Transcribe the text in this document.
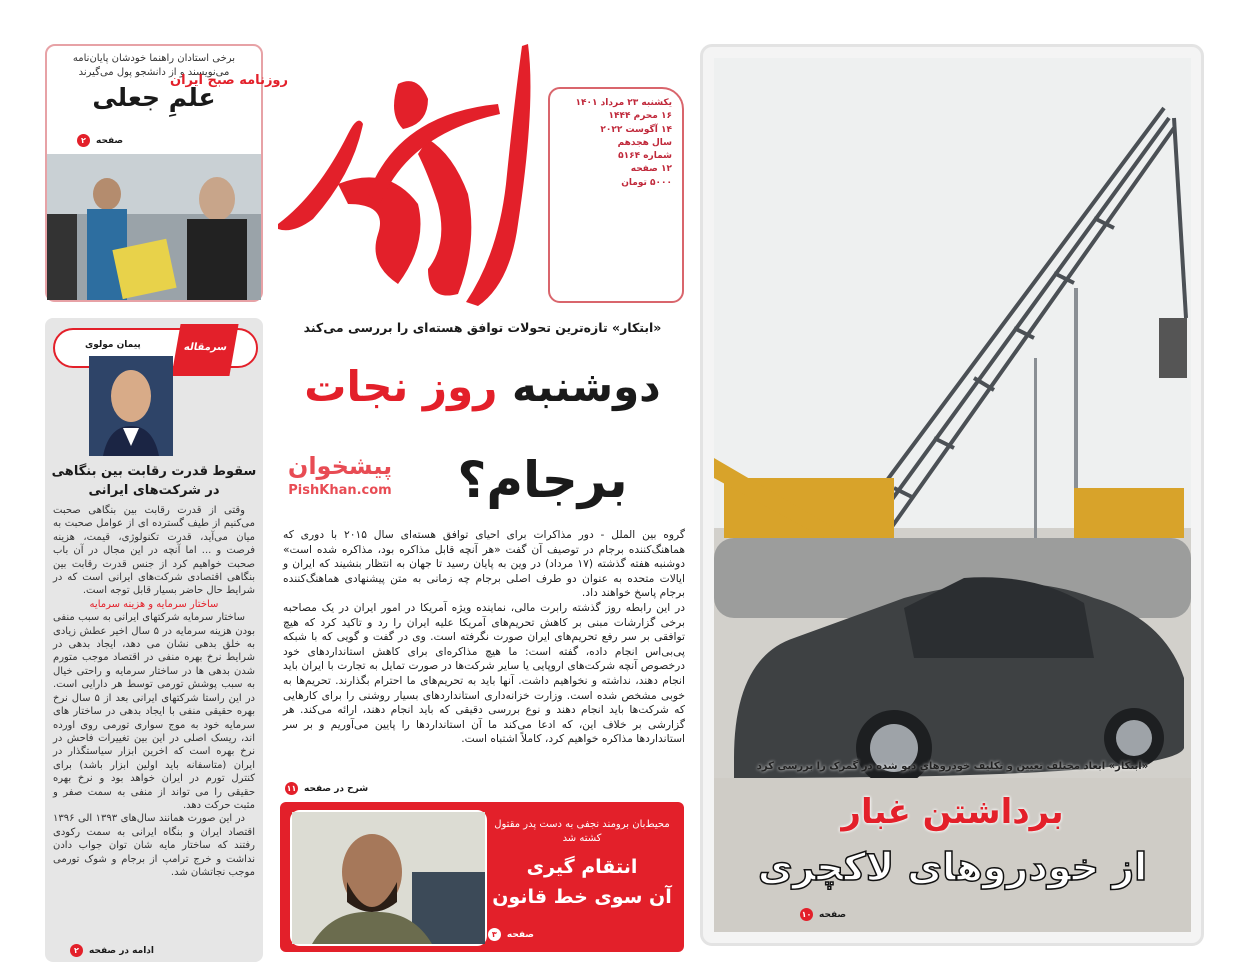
برخی استادان راهنما خودشان پایان‌نامه می‌نویسند و از دانشجو پول می‌گیرند
علمِ جعلی
صفحه
۲
پیمان مولوی	سرمقاله
سقوط قدرت رقابت بین بنگاهی در شرکت‌های ایرانی

وقتی از قدرت رقابت بین بنگاهی صحبت می‌کنیم از طیف گسترده ای از عوامل صحبت به میان می‌آید، قدرت تکنولوژی، قیمت، هزینه فرصت و ... اما آنچه در این مجال در آن باب صحبت خواهیم کرد از جنس قدرت رقابت بین بنگاهی اقتصادی شرکت‌های ایرانی است که در شرایط حال حاضر بسیار قابل توجه است.

ساختار سرمایه و هزینه سرمایه

ساختار سرمایه شرکتهای ایرانی به سبب منفی بودن هزینه سرمایه در ۵ سال اخیر عطش زیادی به خلق بدهی نشان می دهد، ایجاد بدهی در شرایط نرخ بهره منفی در اقتصاد موجب متورم شدن بدهی ها در ساختار سرمایه و راحتی خیال به سبب پوشش تورمی توسط هر دارایی است. در این راستا شرکتهای ایرانی بعد از ۵ سال نرخ بهره حقیقی منفی با ایجاد بدهی در ساختار های سرمایه خود به موج سواری تورمی روی اورده اند، ریسک اصلی در این بین تغییرات فاحش در نرخ بهره است که اخرین ابزار سیاستگذار در ایران (متاسفانه باید اولین ابزار باشد) برای کنترل تورم در ایران خواهد بود و نرخ بهره حقیقی را می تواند از منفی به سمت صفر و مثبت حرکت دهد.

در این صورت همانند سال‌های ۱۳۹۳ الی ۱۳۹۶ اقتصاد ایران و بنگاه ایرانی به سمت رکودی رفتند که ساختار مایه شان توان جواب دادن نداشت و خرج ترامپ از برجام و شوک تورمی موجب نجاتشان شد.

ادامه در صفحه
۲
روزنامه صبح ایران
یکشنبه ۲۳ مرداد ۱۴۰۱
۱۶ محرم ۱۴۴۴
۱۴ آگوست ۲۰۲۲
سال هجدهم
شماره ۵۱۶۴
۱۲ صفحه
۵۰۰۰ تومان
«ابتکار» تازه‌ترین تحولات توافق هسته‌ای را بررسی می‌کند
دوشنبه روز نجات
برجام؟
پیشخوان
PishKhan.com

گروه بین الملل - دور مذاکرات برای احیای توافق هسته‌ای سال ۲۰۱۵ با دوری که هماهنگ‌کننده برجام در توصیف آن گفت «هر آنچه قابل مذاکره بود، مذاکره شده است» دوشنبه هفته گذشته (۱۷ مرداد) در وین به پایان رسید تا جهان به انتظار بنشیند که ایران و ایالات متحده به عنوان دو طرف اصلی برجام چه زمانی به متن پیشنهادی هماهنگ‌کننده برجام پاسخ خواهند داد.

در این رابطه روز گذشته رابرت مالی، نماینده ویژه آمریکا در امور ایران در یک مصاحبه برخی گزارشات مبنی بر کاهش تحریم‌های آمریکا علیه ایران را رد و تاکید کرد که هیچ توافقی بر سر رفع تحریم‌های ایران صورت نگرفته است. وی در گفت و گویی که با شبکه پی‌بی‌اس انجام داده، گفته است: ما هیچ مذاکره‌ای برای کاهش استانداردهای خود درخصوص آنچه شرکت‌های اروپایی یا سایر شرکت‌ها در صورت تمایل به تجارت با ایران باید انجام دهند، نداشته و نخواهیم داشت. آنها باید به تحریم‌های ما احترام بگذارند. تحریم‌ها به خوبی مشخص شده است. وزارت خزانه‌داری استانداردهای بسیار روشنی را برای کارهایی که شرکت‌ها باید انجام دهند و نوع بررسی دقیقی که باید انجام دهند، ارائه می‌کند. هر گزارشی بر خلاف این، که ادعا می‌کند ما آن استانداردها را پایین می‌آوریم و بر سر استانداردها مذاکره خواهیم کرد، کاملاً اشتباه است.

شرح در صفحه
۱۱
محیط‌بان برومند نجفی به دست پدر مقتول کشته شد
انتقام گیری
آن سوی خط قانون
صفحه
۳
«ابتکار» ابعاد مختلف تعیین و تکلیف خودروهای دپو شده در گمرک را بررسی کرد
برداشتن غبار
از خودروهای لاکچری
صفحه
۱۰
